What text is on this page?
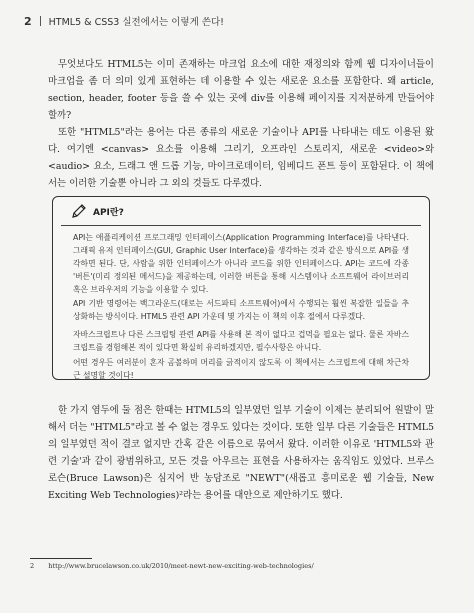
2 HTML5 & CSS3 실전에서는 이렇게 쓴다!

무엇보다도 HTML5는 이미 존재하는 마크업 요소에 대한 재정의와 함께 웹 디자이너들이 마크업을 좀 더 의미 있게 표현하는 데 이용할 수 있는 새로운 요소를 포함한다. 왜 article, section, header, footer 등을 쓸 수 있는 곳에 div를 이용해 페이지를 지저분하게 만들어야 할까?

또한 "HTML5"라는 용어는 다른 종류의 새로운 기술이나 API를 나타내는 데도 이용된 왔다. 여기엔 <canvas> 요소를 이용해 그리기, 오프라인 스토리지, 새로운 <video>와 <audio> 요소, 드래그 앤 드롭 기능, 마이크로데이터, 임베디드 폰트 등이 포함된다. 이 책에서는 이러한 기술뿐 아니라 그 외의 것들도 다루겠다.

API란?

API는 애플리케이션 프로그래밍 인터페이스(Application Programming Interface)를 나타낸다. 그래픽 유저 인터페이스(GUI, Graphic User Interface)를 생각하는 것과 같은 방식으로 API를 생각하면 된다. 단, 사람을 위한 인터페이스가 아니라 코드를 위한 인터페이스다. API는 코드에 각종 '버튼'(미리 정의된 메서드)을 제공하는데, 이러한 버튼을 통해 시스템이나 소프트웨어 라이브러리 혹은 브라우저의 기능을 이용할 수 있다.

API 기반 명령어는 백그라운드(대로는 서드파티 소프트웨어)에서 수행되는 훨씬 복잡한 일들을 추상화하는 방식이다. HTML5 관련 API 가운데 몇 가지는 이 책의 이후 절에서 다루겠다.

자바스크립트나 다른 스크립팅 관련 API를 사용해 본 적이 없다고 겁먹을 필요는 없다. 물론 자바스크립트를 경험해본 적이 있다면 확실히 유리하겠지만, 필수사항은 아니다.

어떤 경우든 여러분이 혼자 곰볼하며 머리를 긁적이지 않도록 이 책에서는 스크립트에 대해 차근차근 설명할 것이다!

한 가지 염두에 둘 점은 한때는 HTML5의 일부였던 일부 기술이 이제는 분리되어 원발이 말해서 더는 "HTML5"라고 볼 수 없는 경우도 있다는 것이다. 또한 일부 다른 기술들은 HTML5의 일부였던 적이 결코 없지만 간혹 같은 이름으로 묶여서 왔다. 이러한 이유로 'HTML5와 관련 기술'과 같이 광범위하고, 모든 것을 아우르는 표현을 사용하자는 움직임도 있었다. 브루스 로슨(Bruce Lawson)은 심지어 반 농담조로 "NEWT"(새롭고 흥미로운 웹 기술들, New Exciting Web Technologies)²라는 용어를 대안으로 제안하기도 했다.

2 http://www.brucelawson.co.uk/2010/meet-newt-new-exciting-web-technologies/
